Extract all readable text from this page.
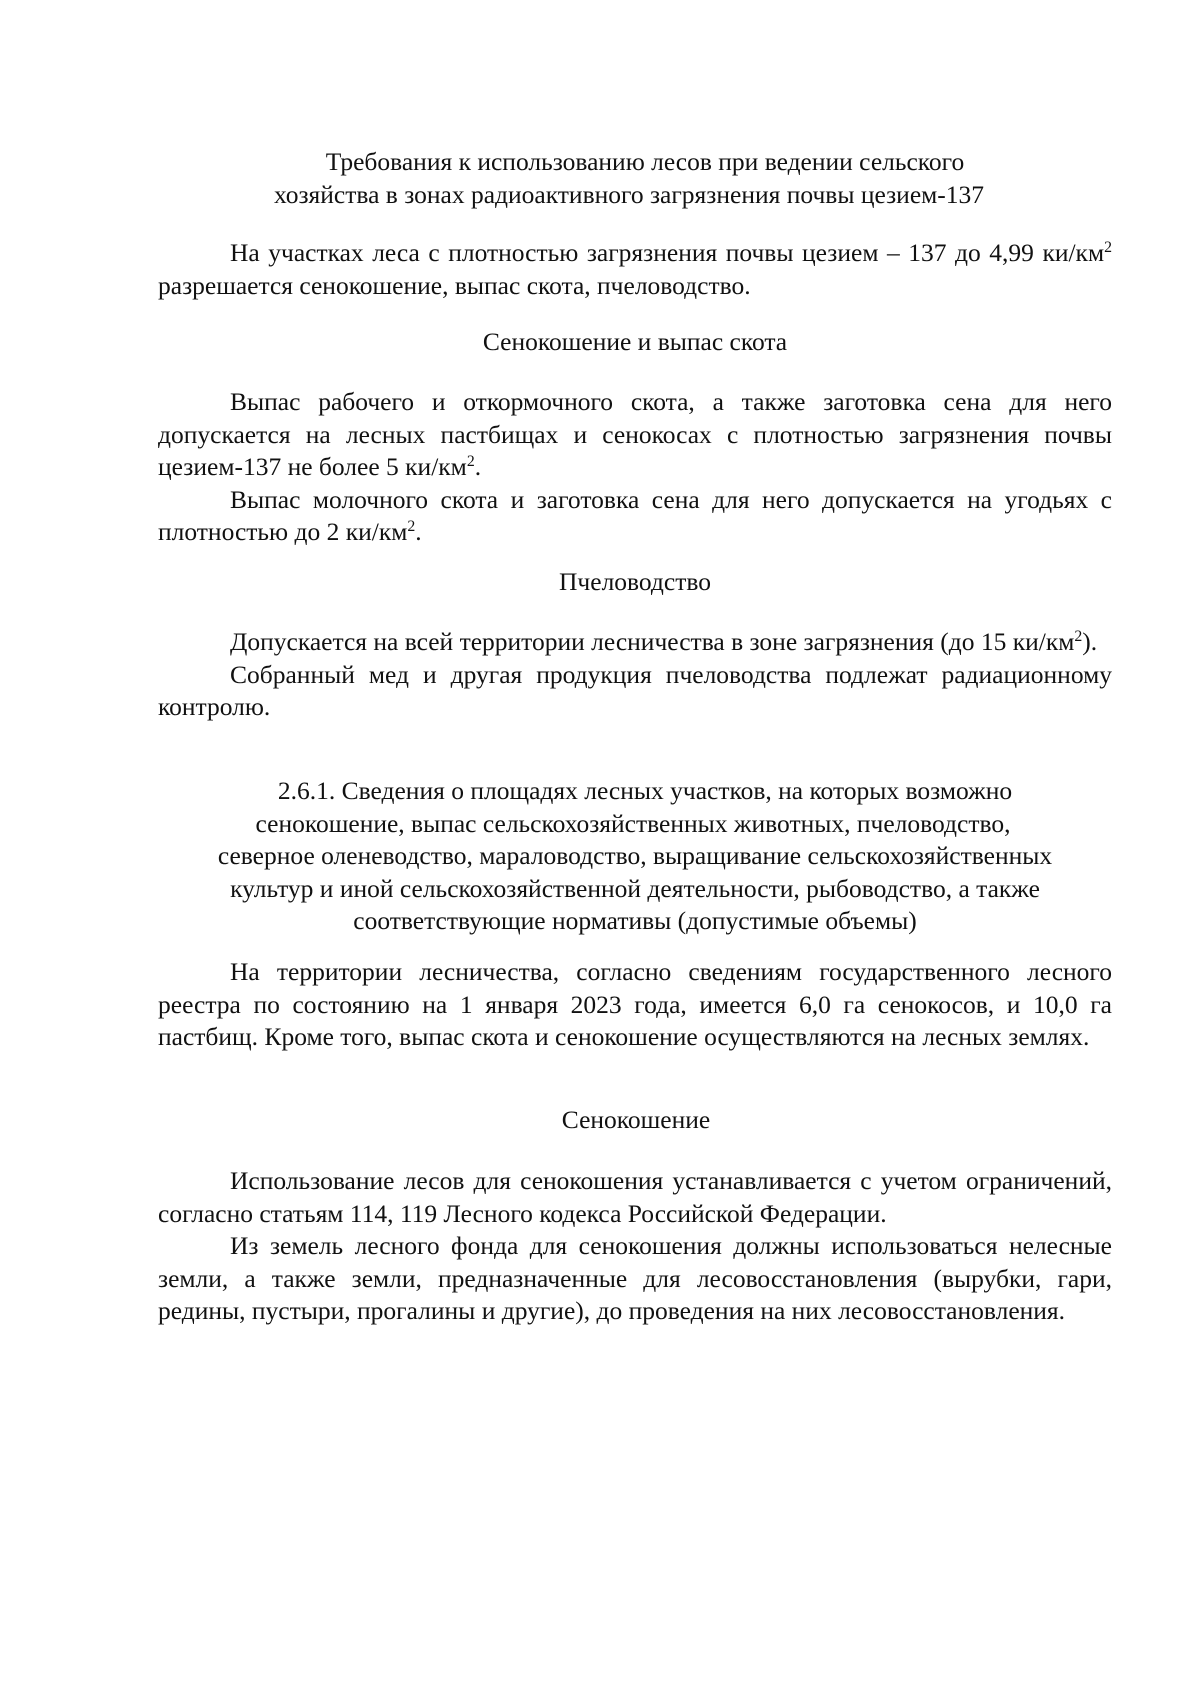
Требования к использованию лесов при ведении сельского
хозяйства в зонах радиоактивного загрязнения почвы цезием-137

На участках леса с плотностью загрязнения почвы цезием – 137 до 4,99 $ки/км^2$ разрешается сенокошение, выпас скота, пчеловодство.

Сенокошение и выпас скота

Выпас рабочего и откормочного скота, а также заготовка сена для него допускается на лесных пастбищах и сенокосах с плотностью загрязнения почвы цезием-137 не более 5 $ки/км^2$.

Выпас молочного скота и заготовка сена для него допускается на угодьях с плотностью до 2 $ки/км^2$.

Пчеловодство

Допускается на всей территории лесничества в зоне загрязнения (до 15 $ки/км^2$).

Собранный мед и другая продукция пчеловодства подлежат радиационному контролю.

2.6.1. Сведения о площадях лесных участков, на которых возможно
сенокошение, выпас сельскохозяйственных животных, пчеловодство,
северное оленеводство, мараловодство, выращивание сельскохозяйственных
культур и иной сельскохозяйственной деятельности, рыбоводство, а также
соответствующие нормативы (допустимые объемы)

На территории лесничества, согласно сведениям государственного лесного реестра по состоянию на 1 января 2023 года, имеется 6,0 га сенокосов, и 10,0 га пастбищ. Кроме того, выпас скота и сенокошение осуществляются на лесных землях.

Сенокошение

Использование лесов для сенокошения устанавливается с учетом ограничений, согласно статьям 114, 119 Лесного кодекса Российской Федерации.

Из земель лесного фонда для сенокошения должны использоваться нелесные земли, а также земли, предназначенные для лесовосстановления (вырубки, гари, редины, пустыри, прогалины и другие), до проведения на них лесовосстановления.
